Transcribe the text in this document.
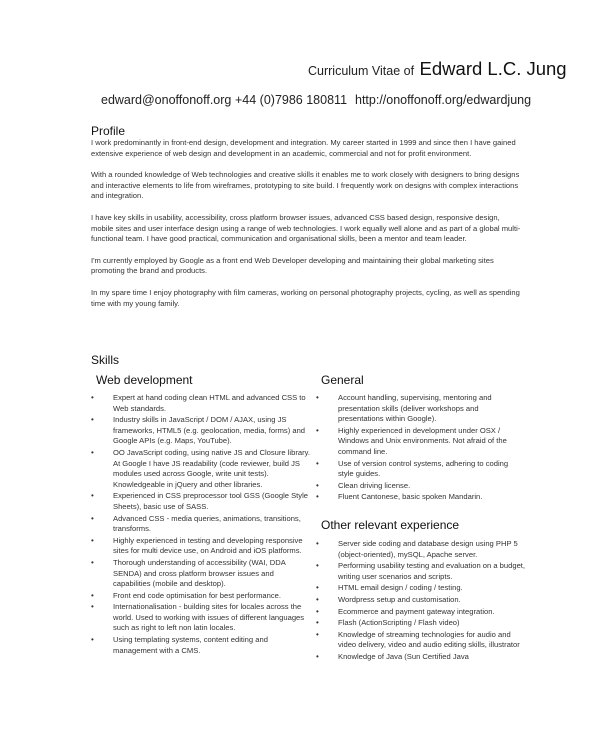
Curriculum Vitae of Edward L.C. Jung
edward@onoffonoff.org +44 (0)7986 180811 http://onoffonoff.org/edwardjung
Profile

I work predominantly in front-end design, development and integration. My career started in 1999 and since then I have gained extensive experience of web design and development in an academic, commercial and not for profit environment.

With a rounded knowledge of Web technologies and creative skills it enables me to work closely with designers to bring designs and interactive elements to life from wireframes, prototyping to site build. I frequently work on designs with complex interactions and integration.

I have key skills in usability, accessibility, cross platform browser issues, advanced CSS based design, responsive design, mobile sites and user interface design using a range of web technologies. I work equally well alone and as part of a global multi-functional team. I have good practical, communication and organisational skills, been a mentor and team leader.

I'm currently employed by Google as a front end Web Developer developing and maintaining their global marketing sites promoting the brand and products.

In my spare time I enjoy photography with film cameras, working on personal photography projects, cycling, as well as spending time with my young family.

Skills
Web development
• Expert at hand coding clean HTML and advanced CSS to Web standards.
• Industry skills in JavaScript / DOM / AJAX, using JS frameworks, HTML5 (e.g. geolocation, media, forms) and Google APIs (e.g. Maps, YouTube).
• OO JavaScript coding, using native JS and Closure library. At Google I have JS readability (code reviewer, build JS modules used across Google, write unit tests). Knowledgeable in jQuery and other libraries.
• Experienced in CSS preprocessor tool GSS (Google Style Sheets), basic use of SASS.
• Advanced CSS - media queries, animations, transitions, transforms.
• Highly experienced in testing and developing responsive sites for multi device use, on Android and iOS platforms.
• Thorough understanding of accessibility (WAI, DDA SENDA) and cross platform browser issues and capabilities (mobile and desktop).
• Front end code optimisation for best performance.
• Internationalisation - building sites for locales across the world. Used to working with issues of different languages such as right to left non latin locales.
• Using templating systems, content editing and management with a CMS.
General
• Account handling, supervising, mentoring and presentation skills (deliver workshops and presentations within Google).
• Highly experienced in development under OSX / Windows and Unix environments. Not afraid of the command line.
• Use of version control systems, adhering to coding style guides.
• Clean driving license.
• Fluent Cantonese, basic spoken Mandarin.
Other relevant experience
• Server side coding and database design using PHP 5 (object-oriented), mySQL, Apache server.
• Performing usability testing and evaluation on a budget, writing user scenarios and scripts.
• HTML email design / coding / testing.
• Wordpress setup and customisation.
• Ecommerce and payment gateway integration.
• Flash (ActionScripting / Flash video)
• Knowledge of streaming technologies for audio and video delivery, video and audio editing skills, illustrator
• Knowledge of Java (Sun Certified Java
